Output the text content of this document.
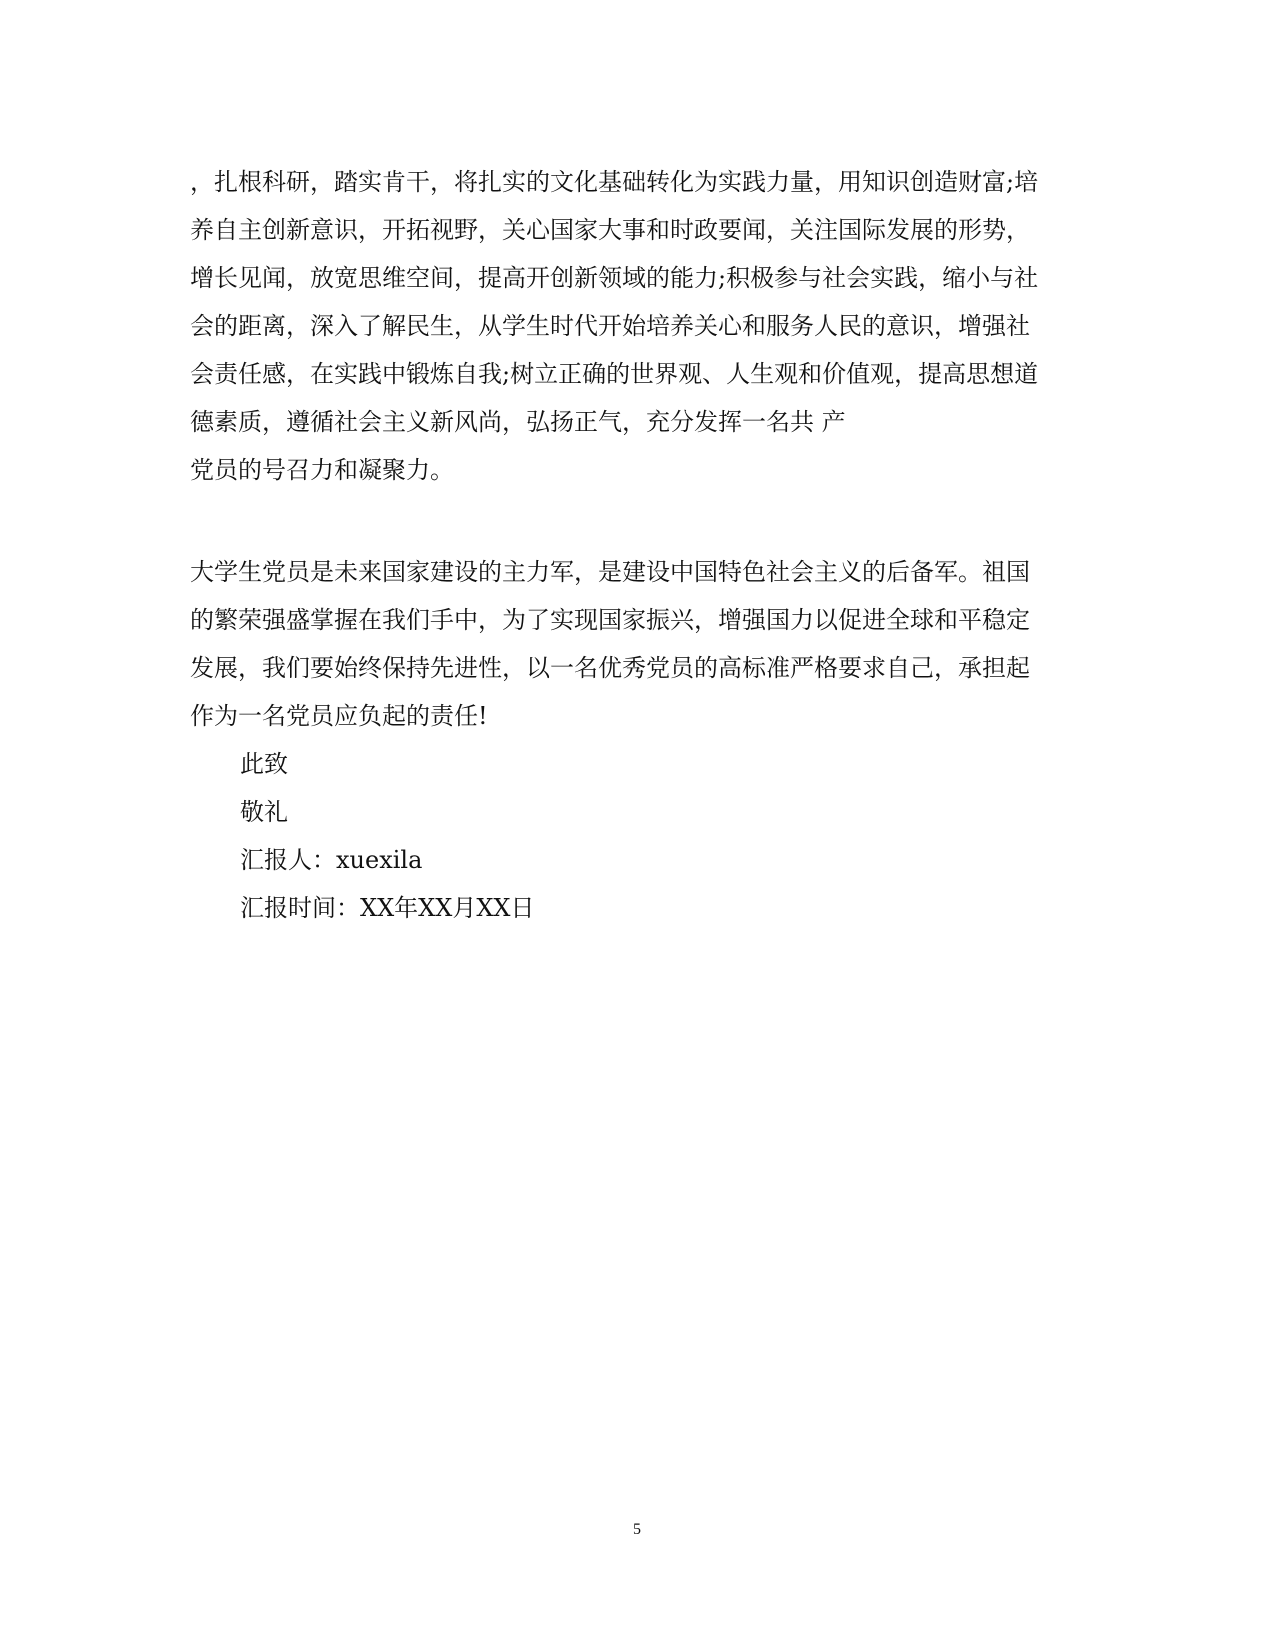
，扎根科研，踏实肯干，将扎实的文化基础转化为实践力量，用知识创造财富;培
养自主创新意识，开拓视野，关心国家大事和时政要闻，关注国际发展的形势，
增长见闻，放宽思维空间，提高开创新领域的能力;积极参与社会实践，缩小与社
会的距离，深入了解民生，从学生时代开始培养关心和服务人民的意识，增强社
会责任感，在实践中锻炼自我;树立正确的世界观、人生观和价值观，提高思想道
德素质，遵循社会主义新风尚，弘扬正气，充分发挥一名共 产
党员的号召力和凝聚力。

大学生党员是未来国家建设的主力军，是建设中国特色社会主义的后备军。祖国
的繁荣强盛掌握在我们手中，为了实现国家振兴，增强国力以促进全球和平稳定
发展，我们要始终保持先进性，以一名优秀党员的高标准严格要求自己，承担起
作为一名党员应负起的责任!

此致
敬礼
汇报人：xuexila
汇报时间：XX年XX月XX日
5
